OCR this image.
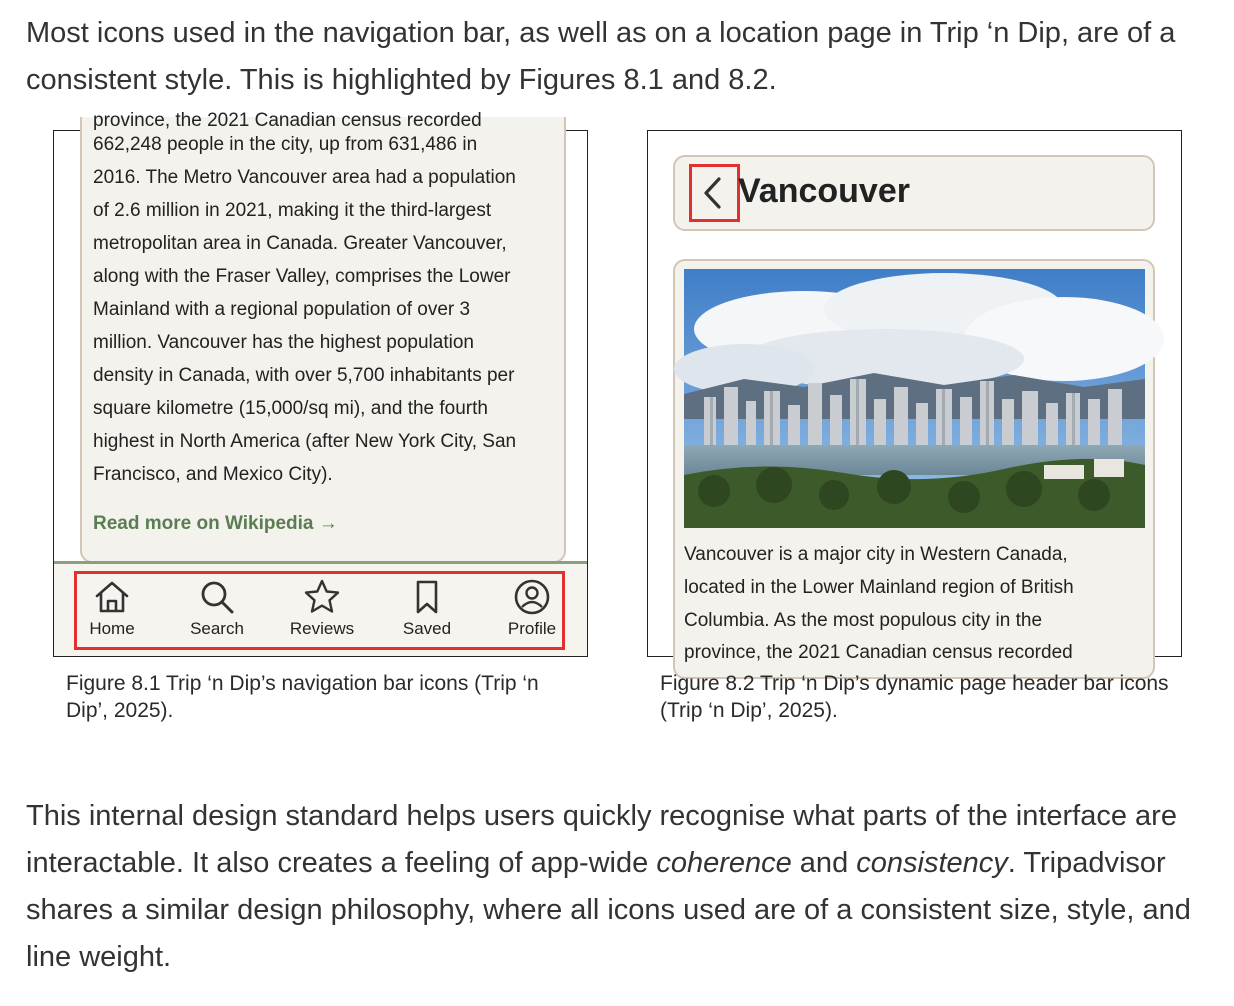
Most icons used in the navigation bar, as well as on a location page in Trip ‘n Dip, are of a consistent style. This is highlighted by Figures 8.1 and 8.2.

province, the 2021 Canadian census recorded
662,248 people in the city, up from 631,486 in
2016. The Metro Vancouver area had a population
of 2.6 million in 2021, making it the third-largest
metropolitan area in Canada. Greater Vancouver,
along with the Fraser Valley, comprises the Lower
Mainland with a regional population of over 3
million. Vancouver has the highest population
density in Canada, with over 5,700 inhabitants per
square kilometre (15,000/sq mi), and the fourth
highest in North America (after New York City, San
Francisco, and Mexico City).
Read more on Wikipedia →
Home	Search	Reviews	Saved	Profile
Vancouver
Vancouver is a major city in Western Canada,
located in the Lower Mainland region of British
Columbia. As the most populous city in the
province, the 2021 Canadian census recorded

Figure 8.1 Trip ‘n Dip’s navigation bar icons (Trip ‘n Dip’, 2025).

Figure 8.2 Trip ‘n Dip’s dynamic page header bar icons (Trip ‘n Dip’, 2025).

This internal design standard helps users quickly recognise what parts of the interface are interactable. It also creates a feeling of app-wide coherence and consistency. Tripadvisor shares a similar design philosophy, where all icons used are of a consistent size, style, and line weight.
